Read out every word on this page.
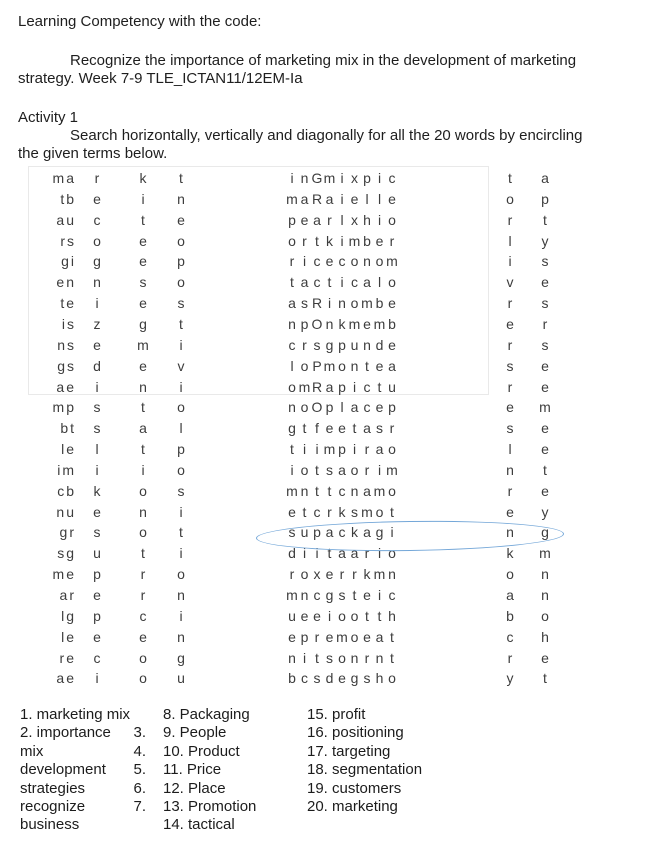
Learning Competency with the code:
Recognize the importance of marketing mix in the development of marketing
strategy. Week 7-9 TLE_ICTAN11/12EM-Ia
Activity 1
Search horizontally, vertically and diagonally for all the 20 words by encircling
the given terms below.
ma	r	k	t	i n G m i x p i c	t	a
tb e	i	n	m a R a i e l l e	o p
au c	t	e	p e a r l x h i o	r	t
rs o	e o	o r t k i m b e r	l	y
gi g	e p	r i c e c o n o m	i	s
en n	s o	t a c t i c a l o	v e
te	i	e s	a s R i n o m b e	r	s
is z	g	t	n p O n k m e m b	e	r
ns e	m	i	c r s g p u n d e	r	s
gs d	e v	l o P m o n t e a	s e
ae	i	n	i	o m R a p i c t u	r	e
mp s	t	o	n o O p l a c e p	e m
bt s	a	l	g t f e e t a s r	s e
le	l	t	p	t i i m p i r a o	l	e
im	i	i	o	i o t s a o r i m	n	t
cb k	o s	m n t t c n a m o	r	e
nu e	n	i	e t c r k s m o t	e y
gr s	o	t	s u p a c k a g i	n g
sg u	t	i	d i i t a a r i o	k m
me p	r	o	r o x e r r k m n	o n
ar e	r	n	m n c g s t e i c	a n
lg p	c	i	u e e i o o t t h	b o
le e	e n	e p r e m o e a t	c h
re c	o g	n i t s o n r n t	r	e
ae	i	o u	b c s d e g s h o	y	t
1. marketing mix
2. importance 3.
mix	4.
development 5.
strategies	6.
recognize	7.
business
8. Packaging
9. People
10. Product
11. Price
12. Place
13. Promotion
14. tactical
15. profit
16. positioning
17. targeting
18. segmentation
19. customers
20. marketing
